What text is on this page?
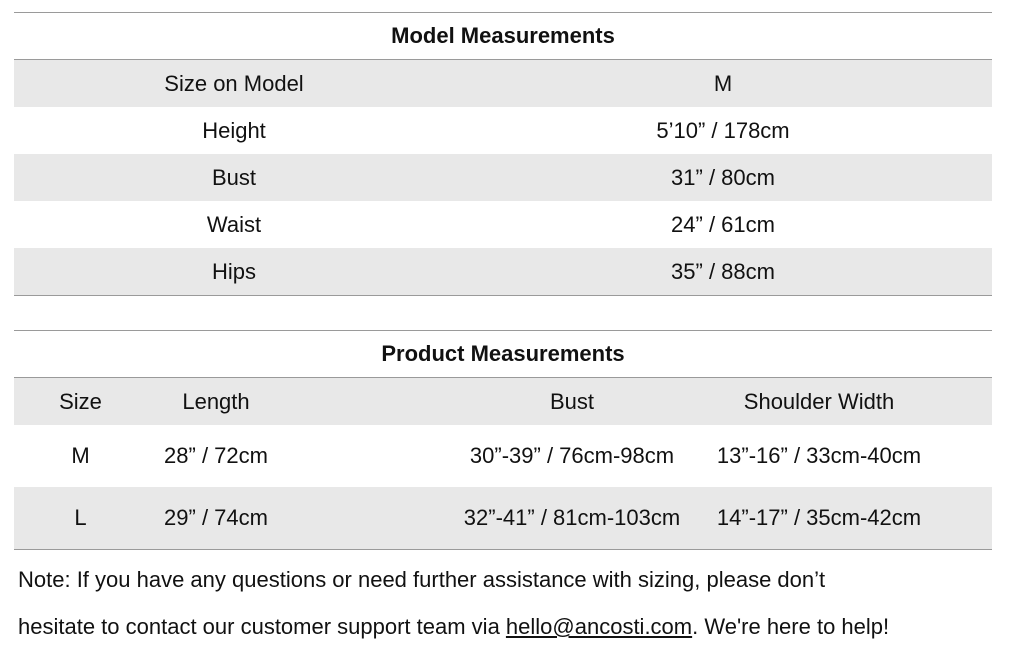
Model Measurements
Size on Model	M
Height	5’10” / 178cm
Bust	31” / 80cm
Waist	24” / 61cm
Hips	35” / 88cm
Product Measurements
Size	Length	Bust	Shoulder Width
M	28” / 72cm	30”-39” / 76cm-98cm	13”-16” / 33cm-40cm
L	29” / 74cm	32”-41” / 81cm-103cm	14”-17” / 35cm-42cm
Note: If you have any questions or need further assistance with sizing, please don’t
hesitate to contact our customer support team via hello@ancosti.com. We're here to help!
